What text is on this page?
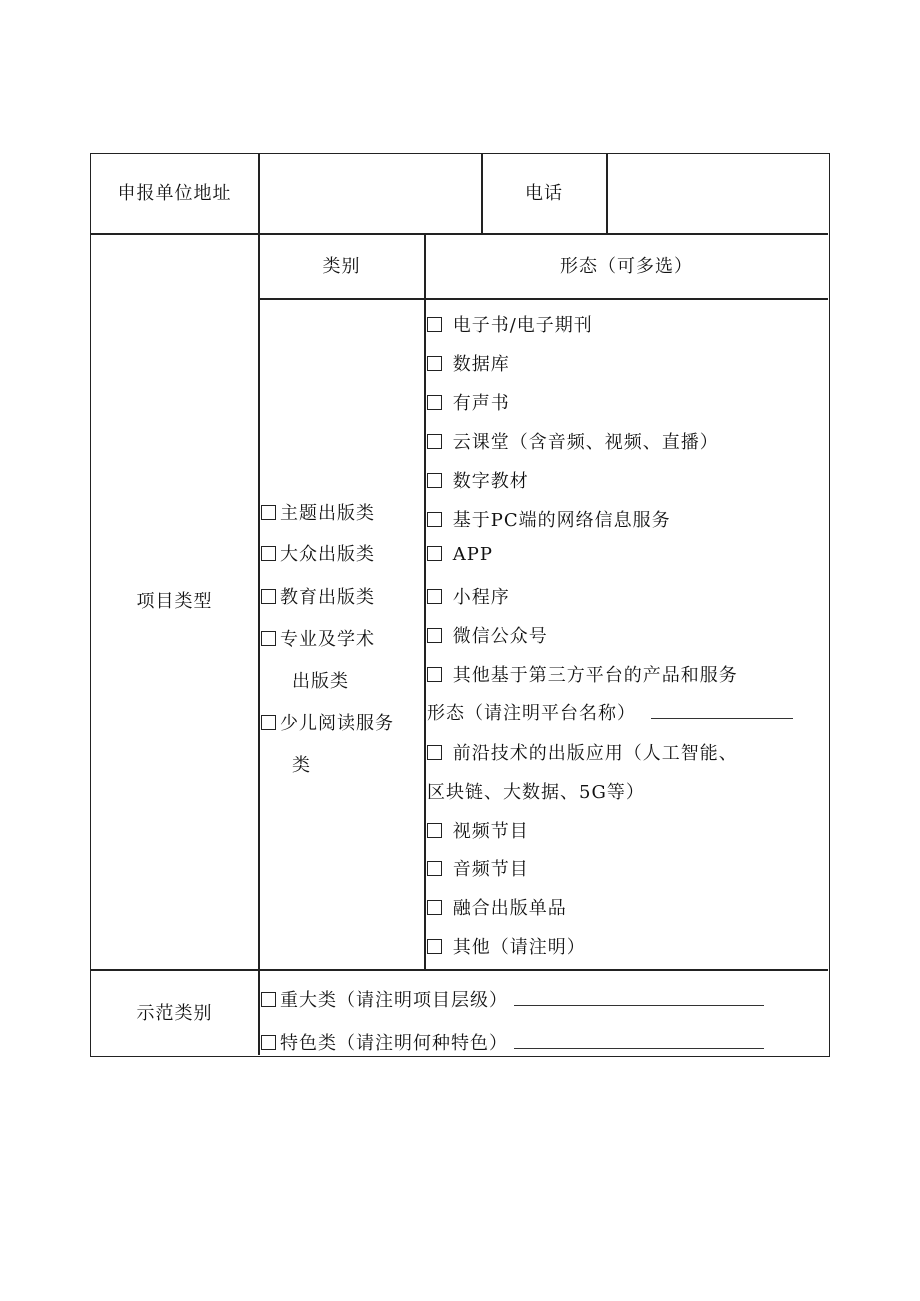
申报单位地址	电话
项目类型
类别	形态（可多选）
主题出版类
大众出版类
教育出版类
专业及学术
出版类
少儿阅读服务
类
电子书/电子期刊
数据库
有声书
云课堂（含音频、视频、直播）
数字教材
基于PC端的网络信息服务
APP
小程序
微信公众号
其他基于第三方平台的产品和服务
形态（请注明平台名称）
前沿技术的出版应用（人工智能、
区块链、大数据、5G等）
视频节目
音频节目
融合出版单品
其他（请注明）
示范类别
重大类（请注明项目层级）
特色类（请注明何种特色）
